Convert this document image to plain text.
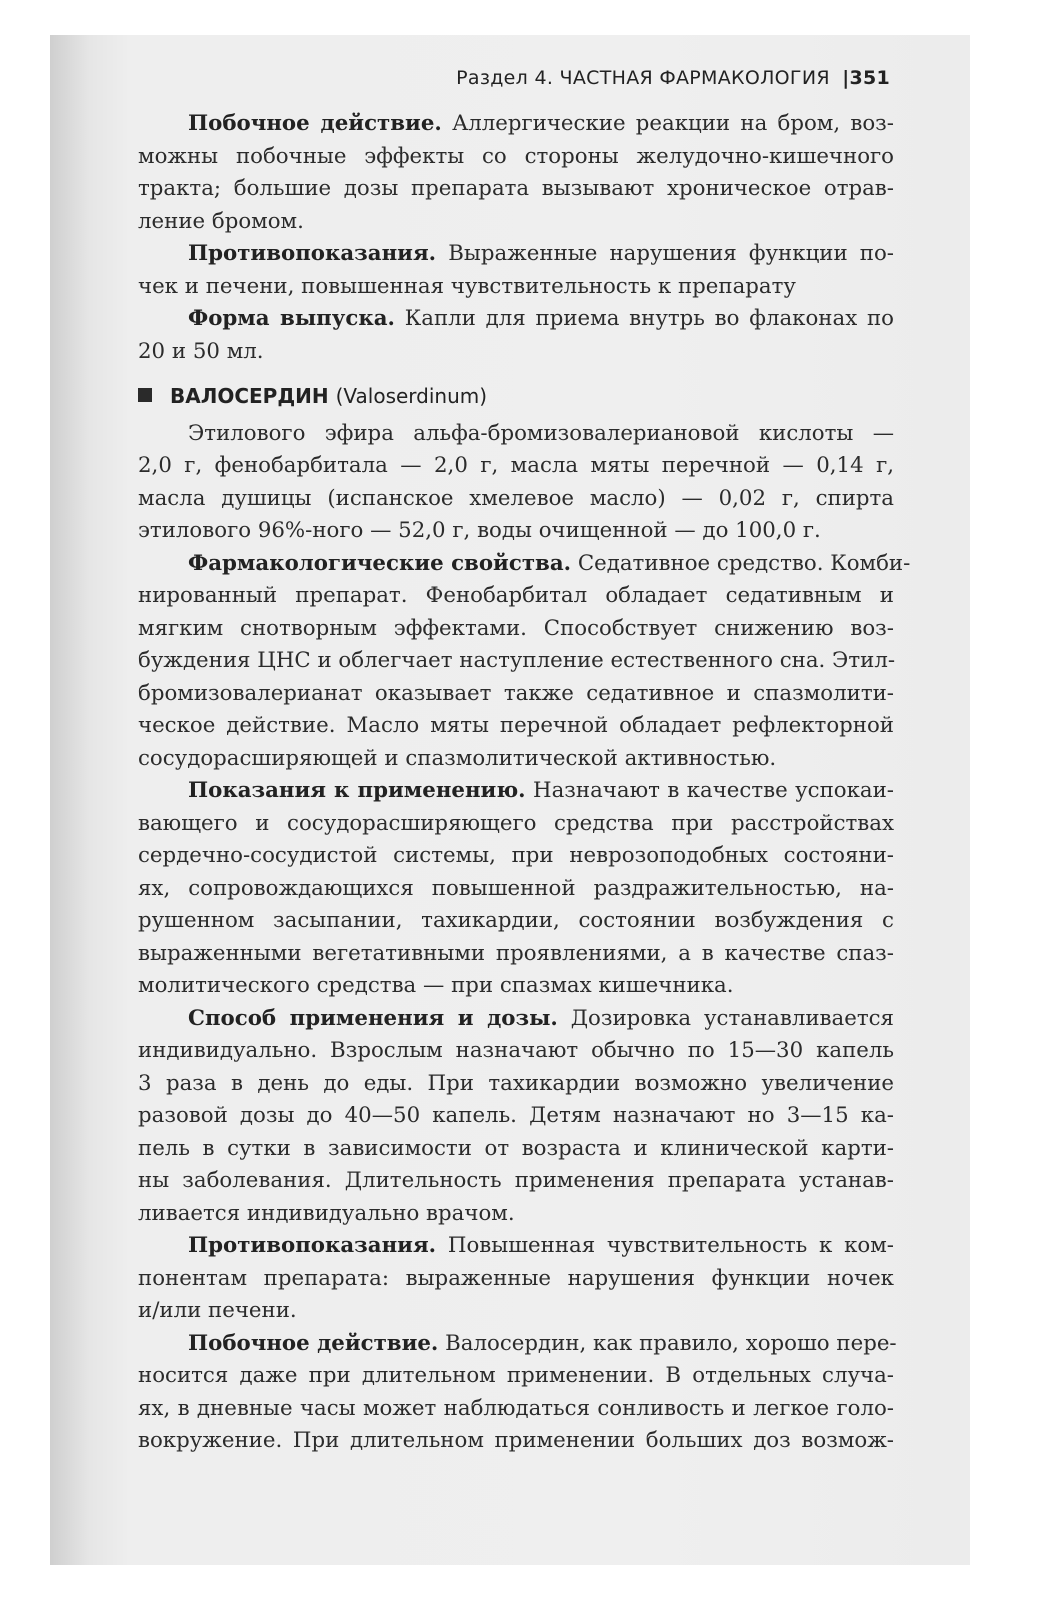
Раздел 4. ЧАСТНАЯ ФАРМАКОЛОГИЯ |351
Побочное действие. Аллергические реакции на бром, воз-
можны побочные эффекты со стороны желудочно-кишечного
тракта; большие дозы препарата вызывают хроническое отрав-
ление бромом.
Противопоказания. Выраженные нарушения функции по-
чек и печени, повышенная чувствительность к препарату
Форма выпуска. Капли для приема внутрь во флаконах по
20 и 50 мл.
ВАЛОСЕРДИН (Valoserdinum)
Этилового эфира альфа-бромизовалериановой кислоты —
2,0 г, фенобарбитала — 2,0 г, масла мяты перечной — 0,14 г,
масла душицы (испанское хмелевое масло) — 0,02 г, спирта
этилового 96%-ного — 52,0 г, воды очищенной — до 100,0 г.
Фармакологические свойства. Седативное средство. Комби-
нированный препарат. Фенобарбитал обладает седативным и
мягким снотворным эффектами. Способствует снижению воз-
буждения ЦНС и облегчает наступление естественного сна. Этил-
бромизовалерианат оказывает также седативное и спазмолити-
ческое действие. Масло мяты перечной обладает рефлекторной
сосудорасширяющей и спазмолитической активностью.
Показания к применению. Назначают в качестве успокаи-
вающего и сосудорасширяющего средства при расстройствах
сердечно-сосудистой системы, при неврозоподобных состояни-
ях, сопровождающихся повышенной раздражительностью, на-
рушенном засыпании, тахикардии, состоянии возбуждения с
выраженными вегетативными проявлениями, а в качестве спаз-
молитического средства — при спазмах кишечника.
Способ применения и дозы. Дозировка устанавливается
индивидуально. Взрослым назначают обычно по 15—30 капель
3 раза в день до еды. При тахикардии возможно увеличение
разовой дозы до 40—50 капель. Детям назначают но 3—15 ка-
пель в сутки в зависимости от возраста и клинической карти-
ны заболевания. Длительность применения препарата устанав-
ливается индивидуально врачом.
Противопоказания. Повышенная чувствительность к ком-
понентам препарата: выраженные нарушения функции ночек
и/или печени.
Побочное действие. Валосердин, как правило, хорошо пере-
носится даже при длительном применении. В отдельных случа-
ях, в дневные часы может наблюдаться сонливость и легкое голо-
вокружение. При длительном применении больших доз возмож-
